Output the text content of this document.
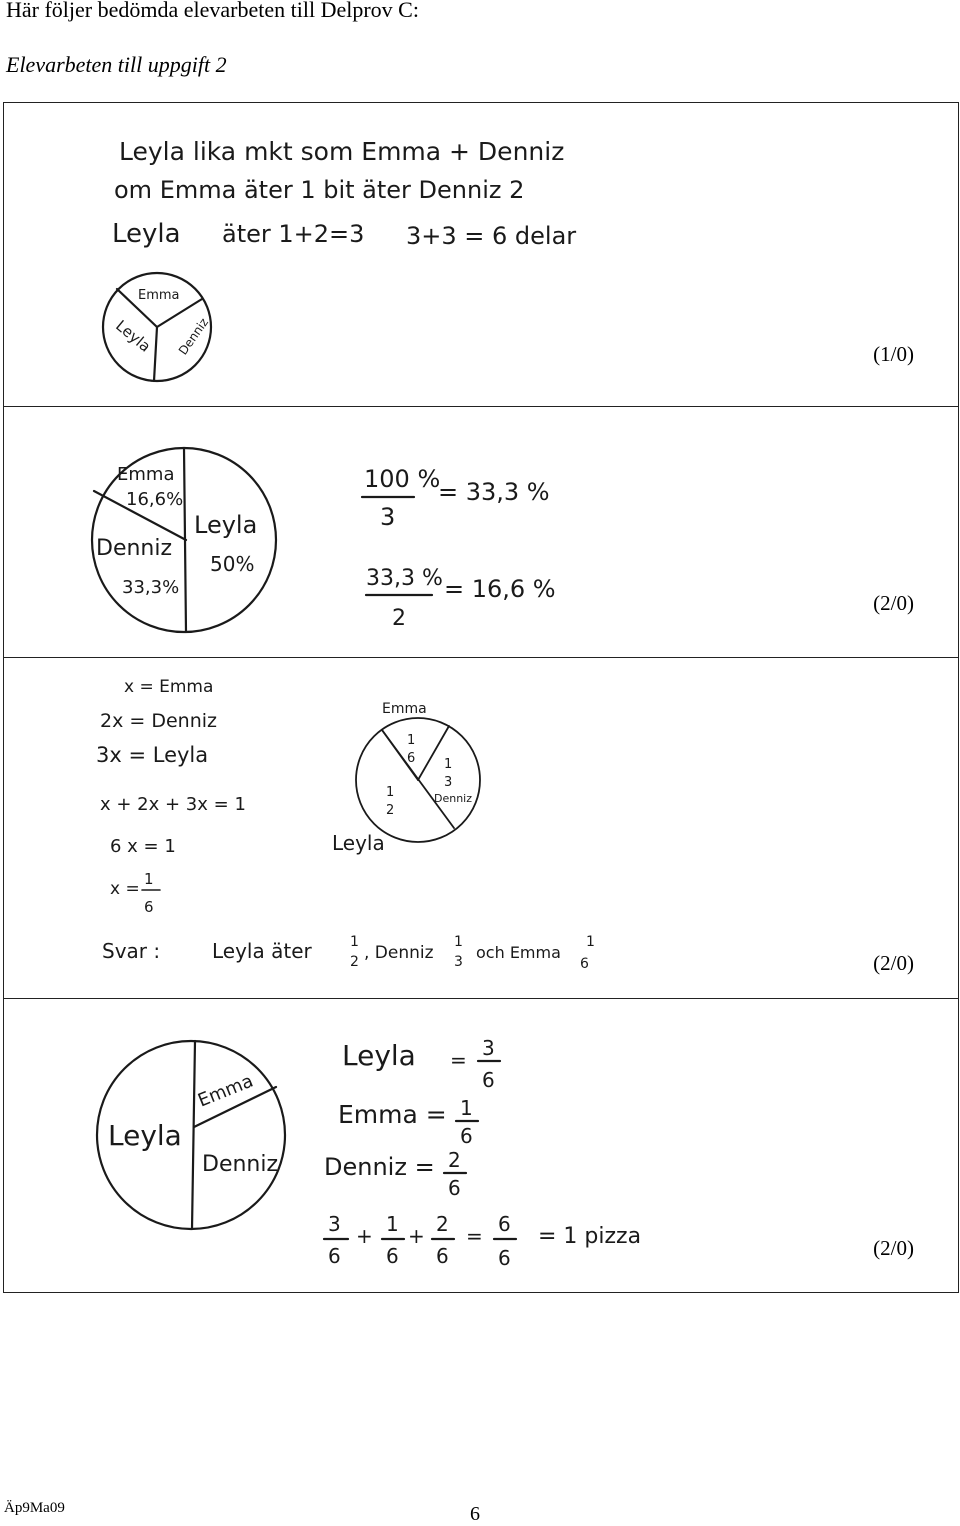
Här följer bedömda elevarbeten till Delprov C:
Elevarbeten till uppgift 2
Leyla lika mkt som Emma + Denniz
om Emma äter 1 bit äter Denniz 2
Leyla äter 1+2=3 3+3 = 6 delar
Emma
Leyla Denniz	(1/0)
Emma
16,6%
Leyla
50%
Denniz
33,3%
100 %
3
= 33,3 %
33,3 %
2
= 16,6 %	(2/0)
x = Emma
2x = Denniz
3x = Leyla
x + 2x + 3x = 1
6 x = 1
x = 1
6
Emma
1
6 1
3
Denniz
1
2
Leyla
Svar :	Leyla äter	1
2 , Denniz
1
3 och Emma
1
6	(2/0)
Leyla
Emma
Denniz
Leyla = 3
6
Emma = 1
6
Denniz = 2
6
3
6
+ 1
6
+ 2
6
= 6
6
= 1 pizza	(2/0)
Äp9Ma09	6
